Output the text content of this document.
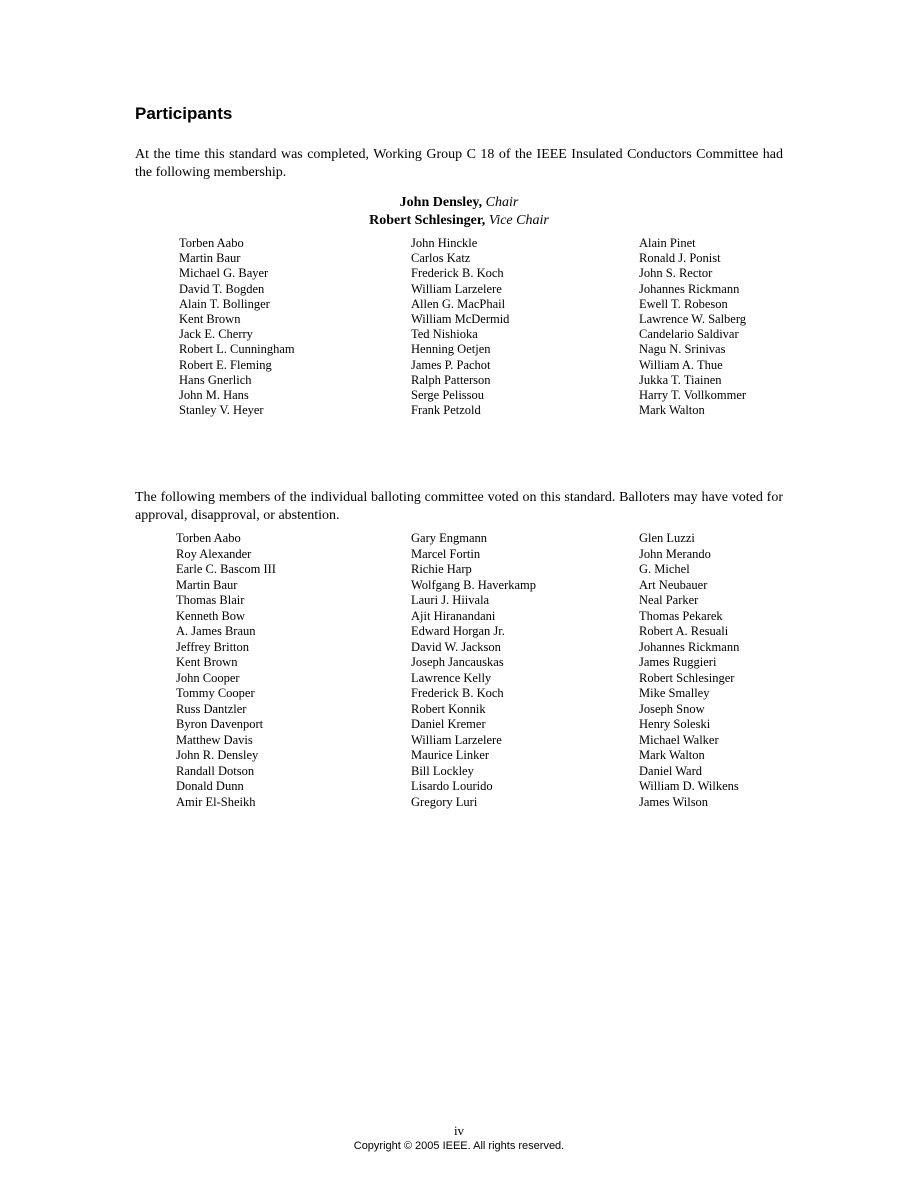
Participants

At the time this standard was completed, Working Group C 18 of the IEEE Insulated Conductors Committee had the following membership.

John Densley, Chair
Robert Schlesinger, Vice Chair
Torben Aabo
Martin Baur
Michael G. Bayer
David T. Bogden
Alain T. Bollinger
Kent Brown
Jack E. Cherry
Robert L. Cunningham
Robert E. Fleming
Hans Gnerlich
John M. Hans
Stanley V. Heyer
John Hinckle
Carlos Katz
Frederick B. Koch
William Larzelere
Allen G. MacPhail
William McDermid
Ted Nishioka
Henning Oetjen
James P. Pachot
Ralph Patterson
Serge Pelissou
Frank Petzold
Alain Pinet
Ronald J. Ponist
John S. Rector
Johannes Rickmann
Ewell T. Robeson
Lawrence W. Salberg
Candelario Saldivar
Nagu N. Srinivas
William A. Thue
Jukka T. Tiainen
Harry T. Vollkommer
Mark Walton

The following members of the individual balloting committee voted on this standard. Balloters may have voted for approval, disapproval, or abstention.

Torben Aabo
Roy Alexander
Earle C. Bascom III
Martin Baur
Thomas Blair
Kenneth Bow
A. James Braun
Jeffrey Britton
Kent Brown
John Cooper
Tommy Cooper
Russ Dantzler
Byron Davenport
Matthew Davis
John R. Densley
Randall Dotson
Donald Dunn
Amir El-Sheikh
Gary Engmann
Marcel Fortin
Richie Harp
Wolfgang B. Haverkamp
Lauri J. Hiivala
Ajit Hiranandani
Edward Horgan Jr.
David W. Jackson
Joseph Jancauskas
Lawrence Kelly
Frederick B. Koch
Robert Konnik
Daniel Kremer
William Larzelere
Maurice Linker
Bill Lockley
Lisardo Lourido
Gregory Luri
Glen Luzzi
John Merando
G. Michel
Art Neubauer
Neal Parker
Thomas Pekarek
Robert A. Resuali
Johannes Rickmann
James Ruggieri
Robert Schlesinger
Mike Smalley
Joseph Snow
Henry Soleski
Michael Walker
Mark Walton
Daniel Ward
William D. Wilkens
James Wilson
iv
Copyright © 2005 IEEE. All rights reserved.
